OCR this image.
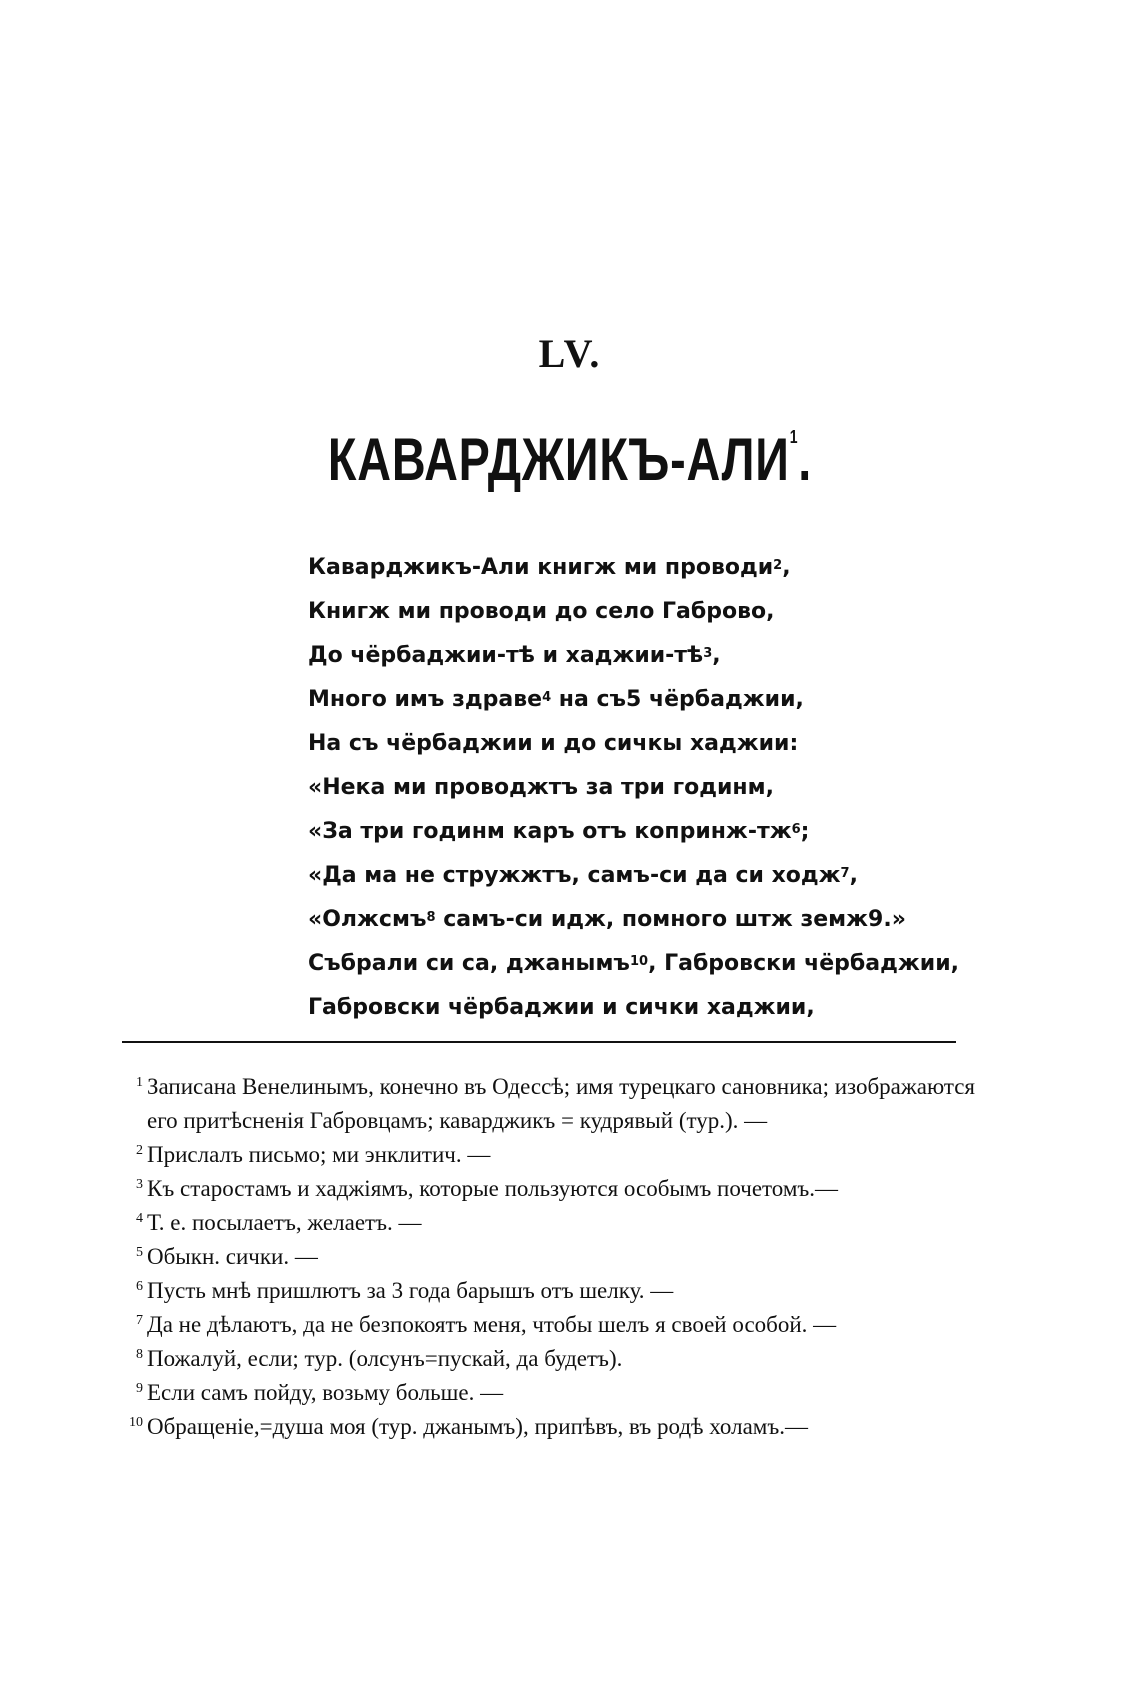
LV.
КАВАРДЖИКЪ-АЛИ$^1$.
Каварджикъ-Али книгж ми проводи$^2$,
Книгж ми проводи до село Габрово,
До чёрбаджии-тѣ и хаджии-$тѣ^3$,
Много имъ здраве$^4$ на съ5 чёрбаджии,
На съ чёрбаджии и до сичкы хаджии:
«Нека ми проводжтъ за три годинм,
«За три годинм каръ отъ копринж-$тж^6$;
«Да ма не стружжтъ, самъ-си да си ходж$^7$,
«Олжсмъ$^8$ самъ-си идж, помного штж земж9.»
Събрали си са, джанымъ$^{10}$, Габровски чёрбаджии,
Габровски чёрбаджии и сички хаджии,
1 Записана Венелинымъ, конечно въ Одессѣ; имя турецкаго сановника; изображаются его притѣсненія Габровцамъ; каварджикъ = кудрявый (тур.). —
2 Прислалъ письмо; ми энклитич. —
3 Къ старостамъ и хаджіямъ, которые пользуются особымъ почетомъ.—
4 Т. е. посылаетъ, желаетъ. —
5 Обыкн. сички. —
6 Пусть мнѣ пришлютъ за 3 года барышъ отъ шелку. —
7 Да не дѣлаютъ, да не безпокоятъ меня, чтобы шелъ я своей особой. —
8 Пожалуй, если; тур. (олсунъ=пускай, да будетъ).
9 Если самъ пойду, возьму больше. —
10 Обращеніе,=душа моя (тур. джанымъ), припѣвъ, въ родѣ холамъ.—
